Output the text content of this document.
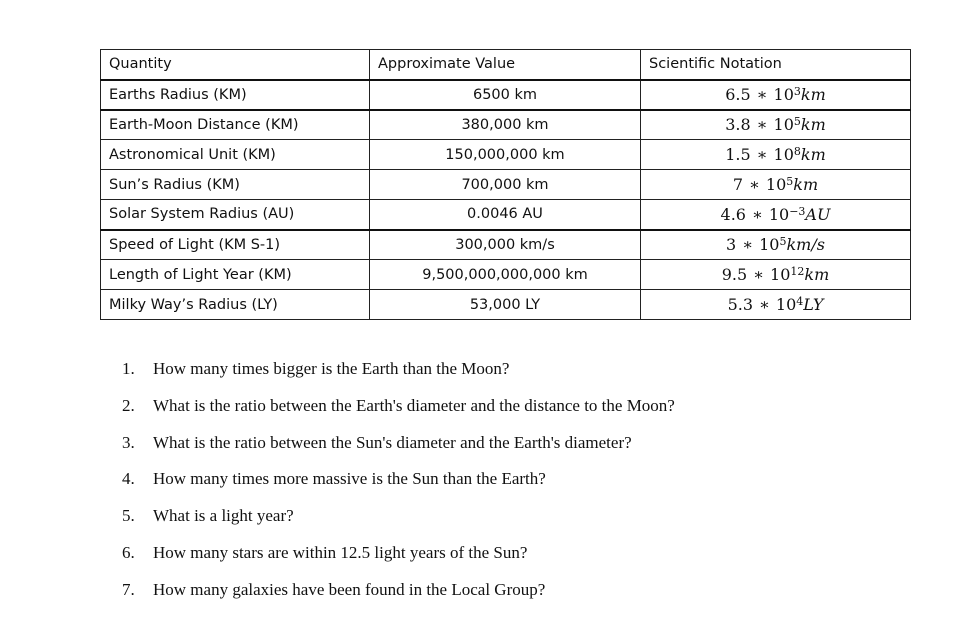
Quantity	Approximate Value	Scientific Notation
Earths Radius (KM)	6500 km	6.5 ∗ $10^3km$
Earth-Moon Distance (KM)	380,000 km	3.8 ∗ $10^5km$
Astronomical Unit (KM)	150,000,000 km	1.5 ∗ $10^8km$
Sun’s Radius (KM)	700,000 km	7 ∗ $10^5km$
Solar System Radius (AU)	0.0046 AU	4.6 ∗ $10^{-3}AU$
Speed of Light (KM S-1)	300,000 km/s	3 ∗ $10^5km/s$
Length of Light Year (KM)	9,500,000,000,000 km	9.5 ∗ $10^{12}km$
Milky Way’s Radius (LY)	53,000 LY	5.3 ∗ $10^4LY$
1.	How many times bigger is the Earth than the Moon?
2.	What is the ratio between the Earth's diameter and the distance to the Moon?
3.	What is the ratio between the Sun's diameter and the Earth's diameter?
4.	How many times more massive is the Sun than the Earth?
5.	What is a light year?
6.	How many stars are within 12.5 light years of the Sun?
7.	How many galaxies have been found in the Local Group?
